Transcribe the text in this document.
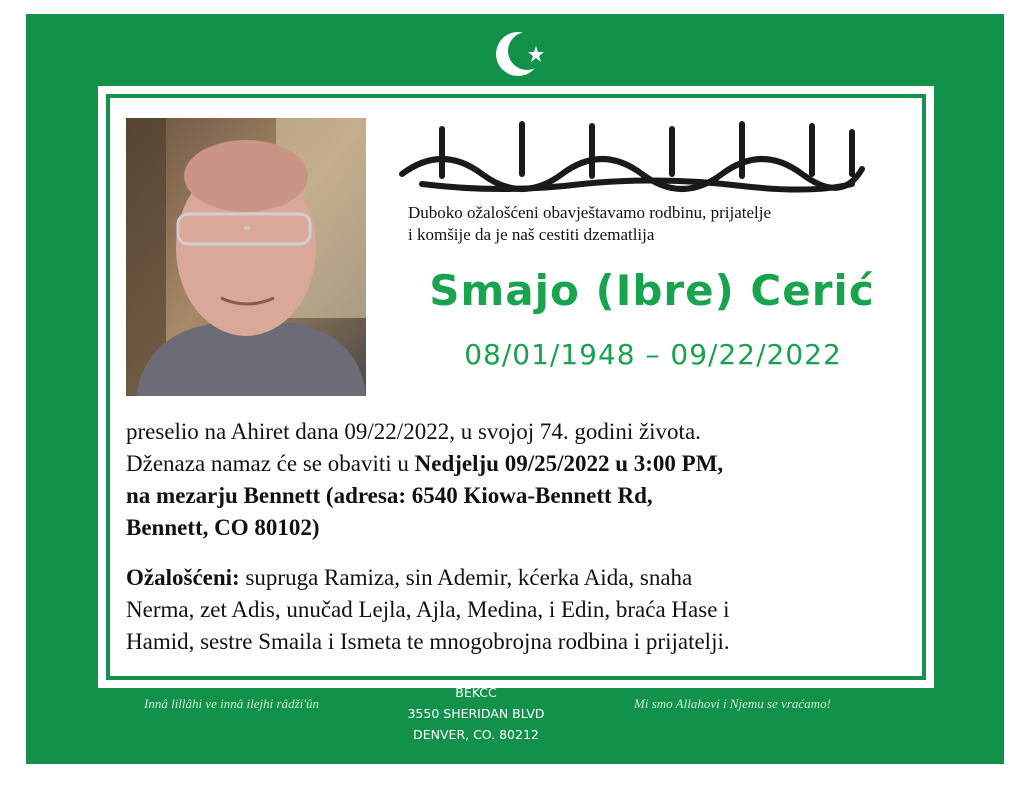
Innâ lillâhi ve innâ ilejhi râdži'ûn
BEKCC
3550 SHERIDAN BLVD
DENVER, CO. 80212
Mi smo Allahovi i Njemu se vraćamo!
Duboko ožalošćeni obavještavamo rodbinu, prijatelje
i komšije da je naš cestiti dzematlija
Smajo (Ibre) Cerić
08/01/1948 – 09/22/2022
preselio na Ahiret dana 09/22/2022, u svojoj 74. godini života.
Dženaza namaz će se obaviti u Nedjelju 09/25/2022 u 3:00 PM,
na mezarju Bennett (adresa: 6540 Kiowa-Bennett Rd,
Bennett, CO 80102)
Ožalošćeni: supruga Ramiza, sin Ademir, kćerka Aida, snaha
Nerma, zet Adis, unučad Lejla, Ajla, Medina, i Edin, braća Hase i
Hamid, sestre Smaila i Ismeta te mnogobrojna rodbina i prijatelji.
